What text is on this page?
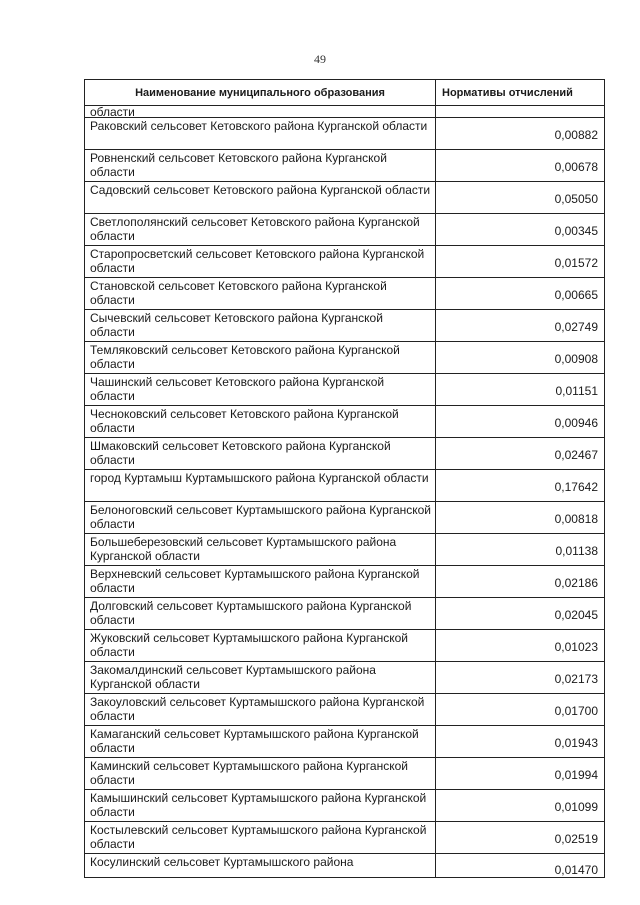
49
Наименование муниципального образования	Нормативы отчислений
области	
Раковский сельсовет Кетовского района Курганской области	0,00882
Ровненский сельсовет Кетовского района Курганской области	0,00678
Садовский сельсовет Кетовского района Курганской области	0,05050
Светлополянский сельсовет Кетовского района Курганской области	0,00345
Старопросветский сельсовет Кетовского района Курганской области	0,01572
Становской сельсовет Кетовского района Курганской области	0,00665
Сычевский сельсовет Кетовского района Курганской области	0,02749
Темляковский сельсовет Кетовского района Курганской области	0,00908
Чашинский сельсовет Кетовского района Курганской области	0,01151
Чесноковский сельсовет Кетовского района Курганской области	0,00946
Шмаковский сельсовет Кетовского района Курганской области	0,02467
город Куртамыш Куртамышского района Курганской области	0,17642
Белоноговский сельсовет Куртамышского района Курганской области	0,00818
Большеберезовский сельсовет Куртамышского района Курганской области	0,01138
Верхневский сельсовет Куртамышского района Курганской области	0,02186
Долговский сельсовет Куртамышского района Курганской области	0,02045
Жуковский сельсовет Куртамышского района Курганской области	0,01023
Закомалдинский сельсовет Куртамышского района Курганской области	0,02173
Закоуловский сельсовет Куртамышского района Курганской области	0,01700
Камаганский сельсовет Куртамышского района Курганской области	0,01943
Каминский сельсовет Куртамышского района Курганской области	0,01994
Камышинский сельсовет Куртамышского района Курганской области	0,01099
Костылевский сельсовет Куртамышского района Курганской области	0,02519
Косулинский сельсовет Куртамышского района	0,01470
